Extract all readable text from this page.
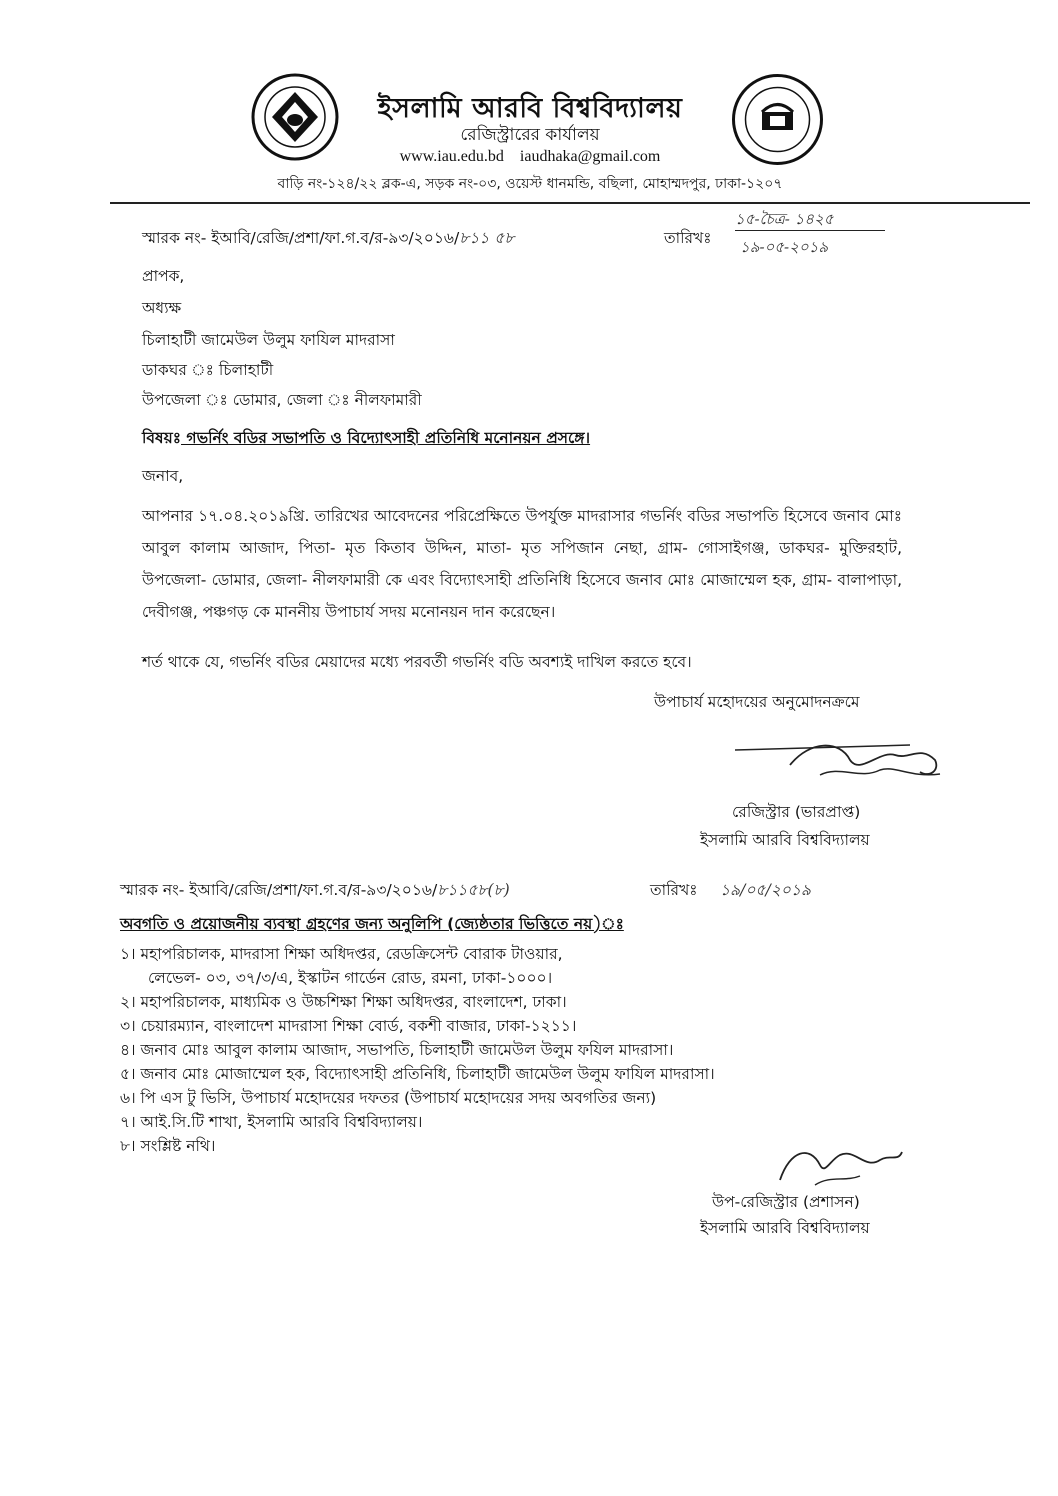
ইসলামি আরবি বিশ্ববিদ্যালয়
রেজিস্ট্রারের কার্যালয়
www.iau.edu.bd iaudhaka@gmail.com
বাড়ি নং-১২৪/২২ ব্লক-এ, সড়ক নং-০৩, ওয়েস্ট ধানমন্ডি, বছিলা, মোহাম্মদপুর, ঢাকা-১২০৭
স্মারক নং- ইআবি/রেজি/প্রশা/ফা.গ.ব/র-৯৩/২০১৬/৮১১ ৫৮	তারিখঃ
১৫-চৈত্র- ১৪২৫
১৯-০৫-২০১৯
প্রাপক,
অধ্যক্ষ
চিলাহাটী জামেউল উলুম ফাযিল মাদরাসা
ডাকঘর ঃ চিলাহাটী
উপজেলা ঃ ডোমার, জেলা ঃ নীলফামারী
বিষয়ঃ গভর্নিং বডির সভাপতি ও বিদ্যোৎসাহী প্রতিনিধি মনোনয়ন প্রসঙ্গে।
জনাব,
আপনার ১৭.০৪.২০১৯খ্রি. তারিখের আবেদনের পরিপ্রেক্ষিতে উপর্যুক্ত মাদরাসার গভর্নিং বডির সভাপতি হিসেবে জনাব মোঃ আবুল কালাম আজাদ, পিতা- মৃত কিতাব উদ্দিন, মাতা- মৃত সপিজান নেছা, গ্রাম- গোসাইগঞ্জ, ডাকঘর- মুক্তিরহাট, উপজেলা- ডোমার, জেলা- নীলফামারী কে এবং বিদ্যোৎসাহী প্রতিনিধি হিসেবে জনাব মোঃ মোজাম্মেল হক, গ্রাম- বালাপাড়া, দেবীগঞ্জ, পঞ্চগড় কে মাননীয় উপাচার্য সদয় মনোনয়ন দান করেছেন।
শর্ত থাকে যে, গভর্নিং বডির মেয়াদের মধ্যে পরবর্তী গভর্নিং বডি অবশ্যই দাখিল করতে হবে।
উপাচার্য মহোদয়ের অনুমোদনক্রমে
রেজিস্ট্রার (ভারপ্রাপ্ত)
ইসলামি আরবি বিশ্ববিদ্যালয়
স্মারক নং- ইআবি/রেজি/প্রশা/ফা.গ.ব/র-৯৩/২০১৬/৮১১৫৮(৮)	তারিখঃ ১৯/০৫/২০১৯
অবগতি ও প্রয়োজনীয় ব্যবস্থা গ্রহণের জন্য অনুলিপি (জ্যেষ্ঠতার ভিত্তিতে নয়)ঃ
১। মহাপরিচালক, মাদরাসা শিক্ষা অধিদপ্তর, রেডক্রিসেন্ট বোরাক টাওয়ার,
লেভেল- ০৩, ৩৭/৩/এ, ইস্কাটন গার্ডেন রোড, রমনা, ঢাকা-১০০০।
২। মহাপরিচালক, মাধ্যমিক ও উচ্চশিক্ষা শিক্ষা অধিদপ্তর, বাংলাদেশ, ঢাকা।
৩। চেয়ারম্যান, বাংলাদেশ মাদরাসা শিক্ষা বোর্ড, বকশী বাজার, ঢাকা-১২১১।
৪। জনাব মোঃ আবুল কালাম আজাদ, সভাপতি, চিলাহাটী জামেউল উলুম ফযিল মাদরাসা।
৫। জনাব মোঃ মোজাম্মেল হক, বিদ্যোৎসাহী প্রতিনিধি, চিলাহাটী জামেউল উলুম ফাযিল মাদরাসা।
৬। পি এস টু ভিসি, উপাচার্য মহোদয়ের দফতর (উপাচার্য মহোদয়ের সদয় অবগতির জন্য)
৭। আই.সি.টি শাখা, ইসলামি আরবি বিশ্ববিদ্যালয়।
৮। সংশ্লিষ্ট নথি।
উপ-রেজিস্ট্রার (প্রশাসন)
ইসলামি আরবি বিশ্ববিদ্যালয়
